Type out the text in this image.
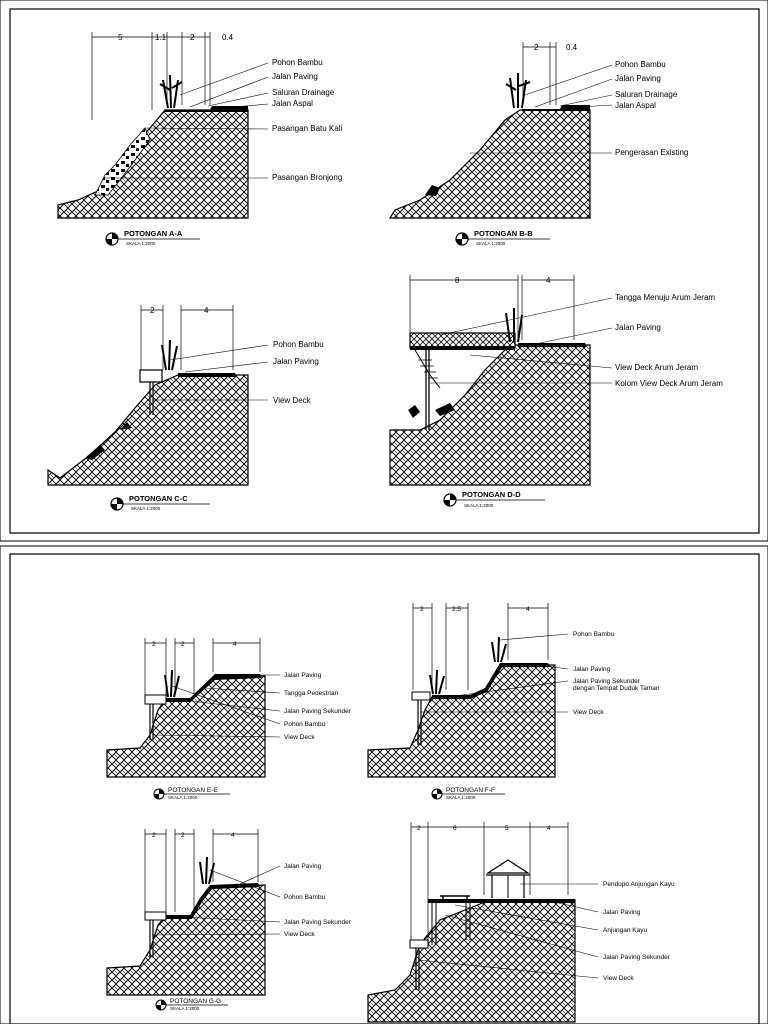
5	1.1	2	0.4
Pohon Bambu
Jalan Paving
Saluran Drainage
Jalan Aspal
Pasangan Batu Kali
Pasangan Bronjong
POTONGAN A-A
SKALA 1:2000
2	0.4
Pohon Bambu
Jalan Paving
Saluran Drainage
Jalan Aspal
Pengerasan Existing
POTONGAN B-B
SKALA 1:2000
2	4
Pohon Bambu
Jalan Paving
View Deck
POTONGAN C-C
SKALA 1:2000
8	4
Tangga Menuju Arum Jeram
Jalan Paving
View Deck Arum Jeram
Kolom View Deck Arum Jeram
POTONGAN D-D
SKALA 1:2000
2	2	4
Jalan Paving
Tangga Pedestrian
Jalan Paving Sekunder
Pohon Bambu
View Deck
POTONGAN E-E
SKALA 1:2000
2	2.5	4
Pohon Bambu
Jalan Paving
Jalan Paving Sekunder dengan Tempat Duduk Taman
View Deck
POTONGAN F-F
SKALA 1:2000
2	2	4
Jalan Paving
Pohon Bambu
Jalan Paving Sekunder
View Deck
POTONGAN G-G
SKALA 1:2000
2	6	5	4
Pendopo Anjungan Kayu
Jalan Paving
Anjungan Kayu
Jalan Paving Sekunder
View Deck
